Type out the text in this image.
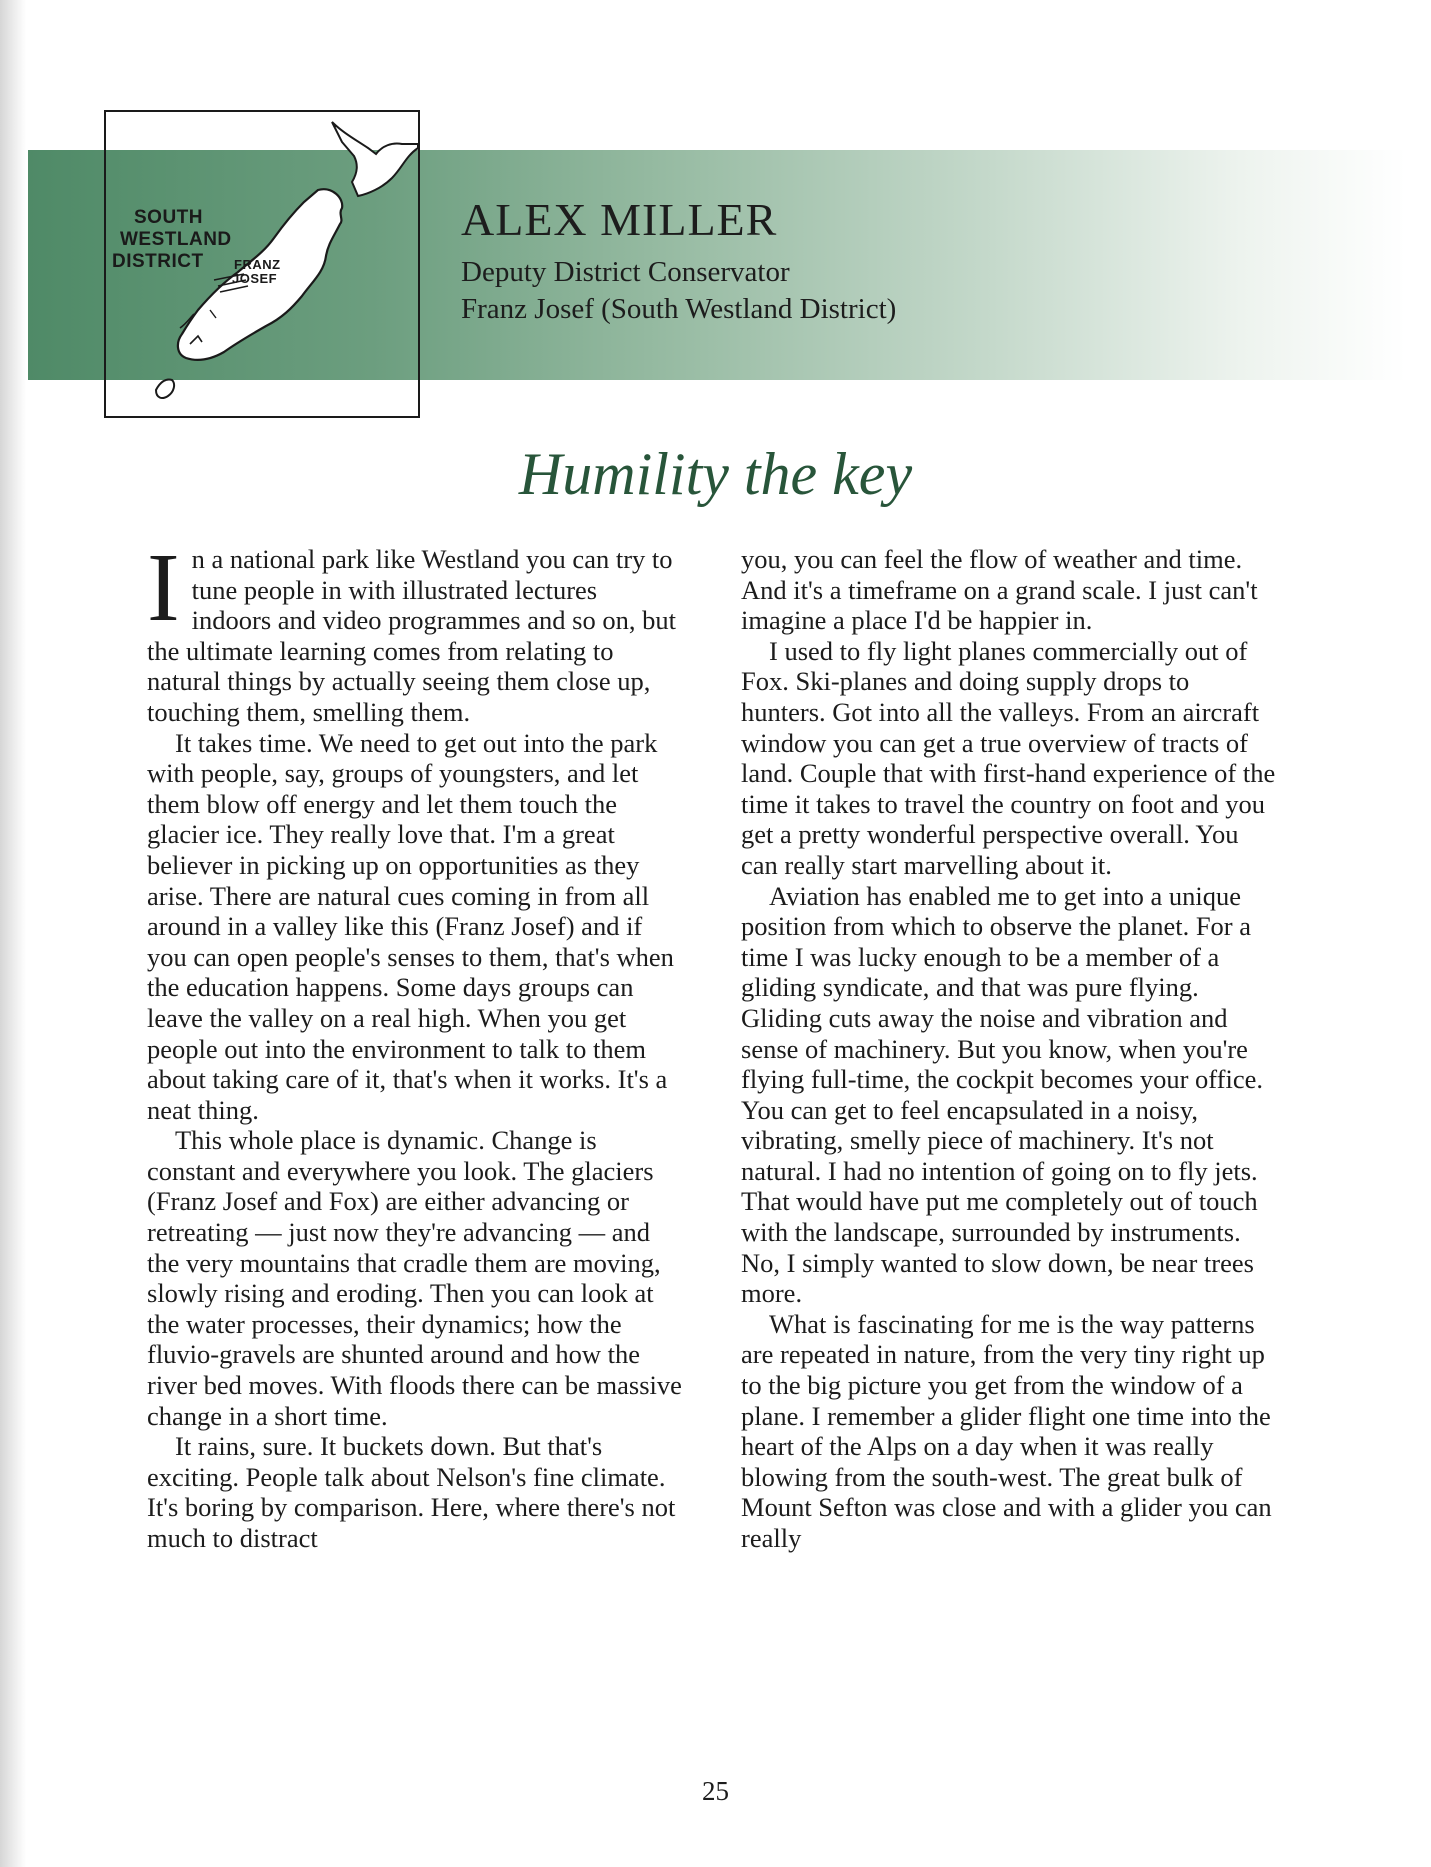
SOUTH
WESTLAND
DISTRICT FRANZ
JOSEF
ALEX MILLER
Deputy District Conservator
Franz Josef (South Westland District)
Humility the key

In a national park like Westland you can try to tune people in with illustrated lectures indoors and video programmes and so on, but the ultimate learning comes from relating to natural things by actually seeing them close up, touching them, smelling them.

It takes time. We need to get out into the park with people, say, groups of youngsters, and let them blow off energy and let them touch the glacier ice. They really love that. I'm a great believer in picking up on opportunities as they arise. There are natural cues coming in from all around in a valley like this (Franz Josef) and if you can open people's senses to them, that's when the education happens. Some days groups can leave the valley on a real high. When you get people out into the environment to talk to them about taking care of it, that's when it works. It's a neat thing.

This whole place is dynamic. Change is constant and everywhere you look. The glaciers (Franz Josef and Fox) are either advancing or retreating — just now they're advancing — and the very mountains that cradle them are moving, slowly rising and eroding. Then you can look at the water processes, their dynamics; how the fluvio-gravels are shunted around and how the river bed moves. With floods there can be massive change in a short time.

It rains, sure. It buckets down. But that's exciting. People talk about Nelson's fine climate. It's boring by comparison. Here, where there's not much to distract

you, you can feel the flow of weather and time. And it's a timeframe on a grand scale. I just can't imagine a place I'd be happier in.

I used to fly light planes commercially out of Fox. Ski-planes and doing supply drops to hunters. Got into all the valleys. From an aircraft window you can get a true overview of tracts of land. Couple that with first-hand experience of the time it takes to travel the country on foot and you get a pretty wonderful perspective overall. You can really start marvelling about it.

Aviation has enabled me to get into a unique position from which to observe the planet. For a time I was lucky enough to be a member of a gliding syndicate, and that was pure flying. Gliding cuts away the noise and vibration and sense of machinery. But you know, when you're flying full-time, the cockpit becomes your office. You can get to feel encapsulated in a noisy, vibrating, smelly piece of machinery. It's not natural. I had no intention of going on to fly jets. That would have put me completely out of touch with the landscape, surrounded by instruments. No, I simply wanted to slow down, be near trees more.

What is fascinating for me is the way patterns are repeated in nature, from the very tiny right up to the big picture you get from the window of a plane. I remember a glider flight one time into the heart of the Alps on a day when it was really blowing from the south-west. The great bulk of Mount Sefton was close and with a glider you can really

25
